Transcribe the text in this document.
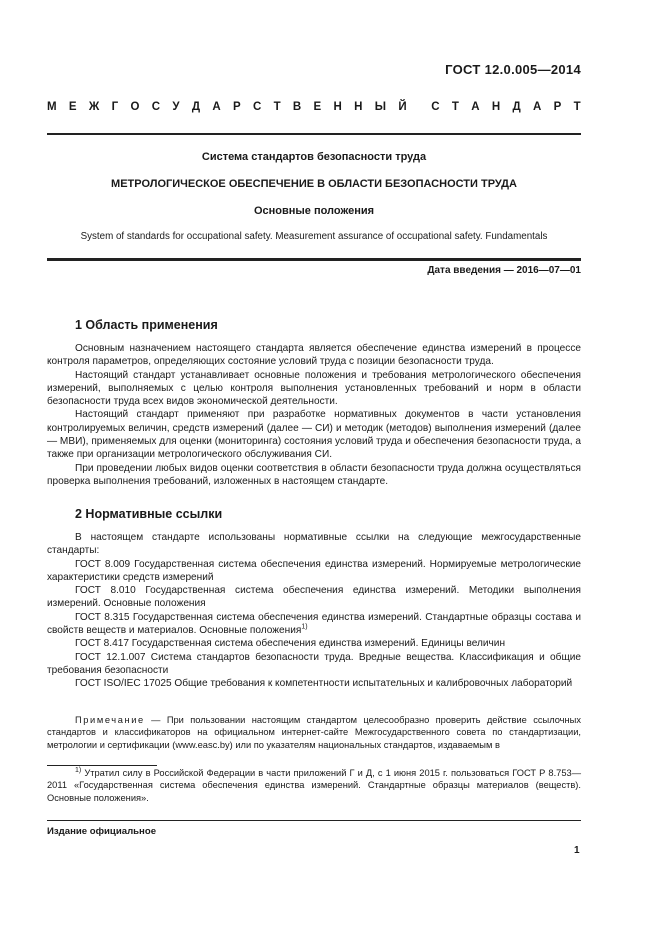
ГОСТ 12.0.005—2014
М Е Ж Г О С У Д А Р С Т В Е Н Н Ы Й С Т А Н Д А Р Т
Система стандартов безопасности труда
МЕТРОЛОГИЧЕСКОЕ ОБЕСПЕЧЕНИЕ В ОБЛАСТИ БЕЗОПАСНОСТИ ТРУДА
Основные положения
System of standards for occupational safety. Measurement assurance of occupational safety. Fundamentals
Дата введения — 2016—07—01
1 Область применения

Основным назначением настоящего стандарта является обеспечение единства измерений в процессе контроля параметров, определяющих состояние условий труда с позиции безопасности труда.

Настоящий стандарт устанавливает основные положения и требования метрологического обеспечения измерений, выполняемых с целью контроля выполнения установленных требований и норм в области безопасности труда всех видов экономической деятельности.

Настоящий стандарт применяют при разработке нормативных документов в части установления контролируемых величин, средств измерений (далее — СИ) и методик (методов) выполнения измерений (далее — МВИ), применяемых для оценки (мониторинга) состояния условий труда и обеспечения безопасности труда, а также при организации метрологического обслуживания СИ.

При проведении любых видов оценки соответствия в области безопасности труда должна осуществляться проверка выполнения требований, изложенных в настоящем стандарте.

2 Нормативные ссылки

В настоящем стандарте использованы нормативные ссылки на следующие межгосударственные стандарты:

ГОСТ 8.009 Государственная система обеспечения единства измерений. Нормируемые метрологические характеристики средств измерений

ГОСТ 8.010 Государственная система обеспечения единства измерений. Методики выполнения измерений. Основные положения

ГОСТ 8.315 Государственная система обеспечения единства измерений. Стандартные образцы состава и свойств веществ и материалов. Основные положения$^{1)}$

ГОСТ 8.417 Государственная система обеспечения единства измерений. Единицы величин

ГОСТ 12.1.007 Система стандартов безопасности труда. Вредные вещества. Классификация и общие требования безопасности

ГОСТ ISO/IEC 17025 Общие требования к компетентности испытательных и калибровочных лабораторий

Примечание — При пользовании настоящим стандартом целесообразно проверить действие ссылочных стандартов и классификаторов на официальном интернет-сайте Межгосударственного совета по стандартизации, метрологии и сертификации (www.easc.by) или по указателям национальных стандартов, издаваемым в
$^{1)}$ Утратил силу в Российской Федерации в части приложений Г и Д, с 1 июня 2015 г. пользоваться ГОСТ Р 8.753—2011 «Государственная система обеспечения единства измерений. Стандартные образцы материалов (веществ). Основные положения».
Издание официальное
1
